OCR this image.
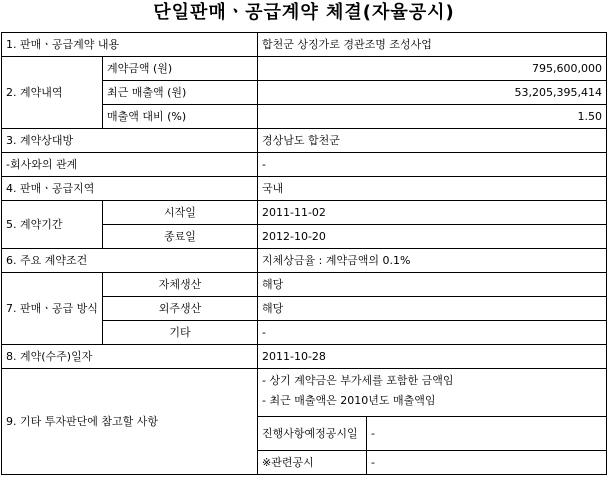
단일판매ㆍ공급계약 체결(자율공시)
1. 판매ㆍ공급계약 내용		합천군 상징가로 경관조명 조성사업	
2. 계약내역	계약금액 (원)	795,600,000	
	최근 매출액 (원)	53,205,395,414	
	매출액 대비 (%)	1.50	
3. 계약상대방		경상남도 합천군	
-회사와의 관계		-	
4. 판매ㆍ공급지역		국내	
5. 계약기간	시작일	2011-11-02	
	종료일	2012-10-20	
6. 주요 계약조건		지체상금율 : 계약금액의 0.1%	
7. 판매ㆍ공급 방식	자체생산	해당	
	외주생산	해당	
	기타	-	
8. 계약(수주)일자		2011-10-28	
9. 기타 투자판단에 참고할 사항		- 상기 계약금은 부가세를 포함한 금액임
- 최근 매출액은 2010년도 매출액임	

		진행사항예정공시일	-
		※관련공시	-
